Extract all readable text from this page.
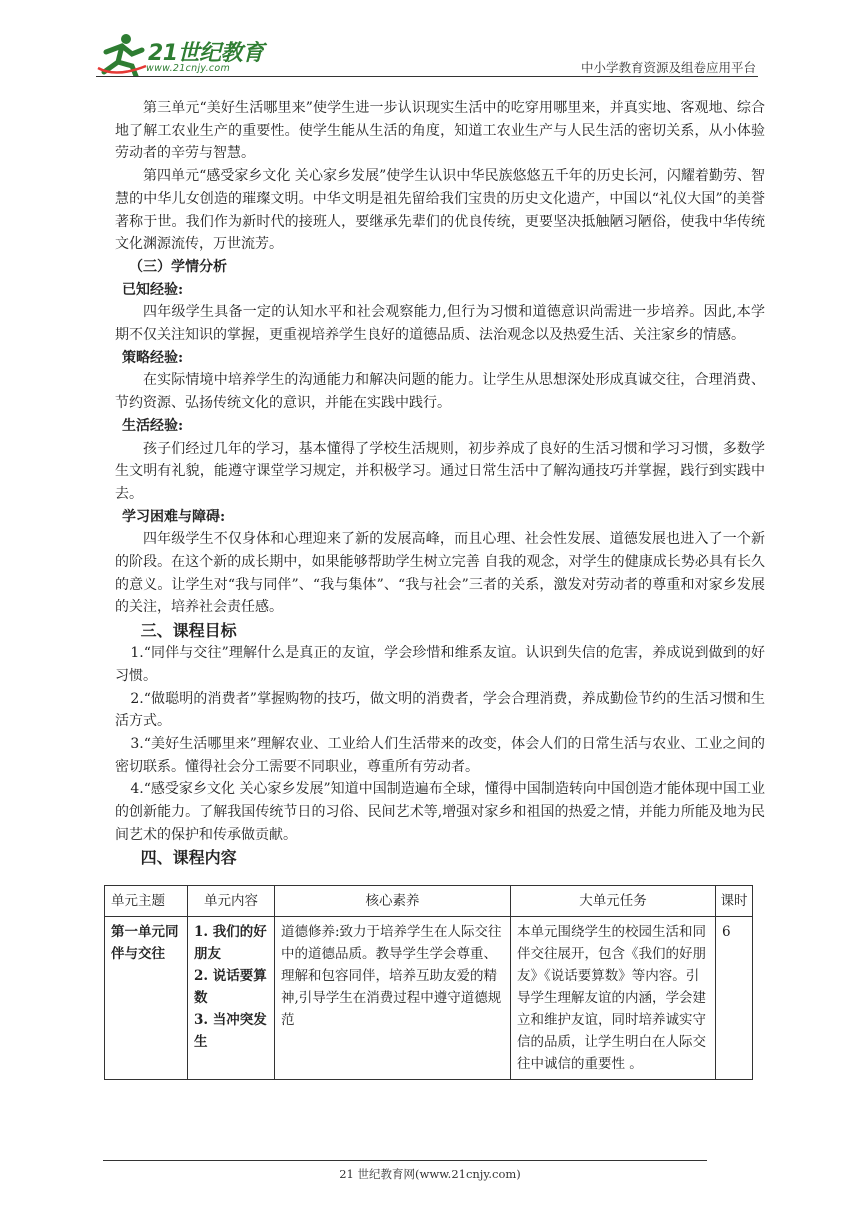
21世纪教育
www.21cnjy.com	中小学教育资源及组卷应用平台

第三单元“美好生活哪里来”使学生进一步认识现实生活中的吃穿用哪里来，并真实地、客观地、综合地了解工农业生产的重要性。使学生能从生活的角度，知道工农业生产与人民生活的密切关系，从小体验劳动者的辛劳与智慧。

第四单元“感受家乡文化 关心家乡发展”使学生认识中华民族悠悠五千年的历史长河，闪耀着勤劳、智慧的中华儿女创造的璀璨文明。中华文明是祖先留给我们宝贵的历史文化遗产，中国以“礼仪大国”的美誉著称于世。我们作为新时代的接班人，要继承先辈们的优良传统，更要坚决抵触陋习陋俗，使我中华传统文化渊源流传，万世流芳。

（三）学情分析

已知经验:

四年级学生具备一定的认知水平和社会观察能力,但行为习惯和道德意识尚需进一步培养。因此,本学期不仅关注知识的掌握，更重视培养学生良好的道德品质、法治观念以及热爱生活、关注家乡的情感。

策略经验:

在实际情境中培养学生的沟通能力和解决问题的能力。让学生从思想深处形成真诚交往，合理消费、节约资源、弘扬传统文化的意识，并能在实践中践行。

生活经验:

孩子们经过几年的学习，基本懂得了学校生活规则，初步养成了良好的生活习惯和学习习惯，多数学生文明有礼貌，能遵守课堂学习规定，并积极学习。通过日常生活中了解沟通技巧并掌握，践行到实践中去。

学习困难与障碍:

四年级学生不仅身体和心理迎来了新的发展高峰，而且心理、社会性发展、道德发展也进入了一个新的阶段。在这个新的成长期中，如果能够帮助学生树立完善 自我的观念，对学生的健康成长势必具有长久的意义。让学生对“我与同伴”、“我与集体”、“我与社会”三者的关系，激发对劳动者的尊重和对家乡发展的关注，培养社会责任感。

三、课程目标

1.“同伴与交往”理解什么是真正的友谊，学会珍惜和维系友谊。认识到失信的危害，养成说到做到的好习惯。

2.“做聪明的消费者”掌握购物的技巧，做文明的消费者，学会合理消费，养成勤俭节约的生活习惯和生活方式。

3.“美好生活哪里来”理解农业、工业给人们生活带来的改变，体会人们的日常生活与农业、工业之间的密切联系。懂得社会分工需要不同职业，尊重所有劳动者。

4.“感受家乡文化 关心家乡发展”知道中国制造遍布全球，懂得中国制造转向中国创造才能体现中国工业的创新能力。了解我国传统节日的习俗、民间艺术等,增强对家乡和祖国的热爱之情，并能力所能及地为民间艺术的保护和传承做贡献。

四、课程内容

单元主题	单元内容	核心素养	大单元任务	课时
第一单元同伴与交往	1. 我们的好朋友
2. 说话要算数
3. 当冲突发生	道德修养:致力于培养学生在人际交往中的道德品质。教导学生学会尊重、理解和包容同伴，培养互助友爱的精神,引导学生在消费过程中遵守道德规范	本单元围绕学生的校园生活和同伴交往展开，包含《我们的好朋友》《说话要算数》等内容。引导学生理解友谊的内涵，学会建立和维护友谊，同时培养诚实守信的品质，让学生明白在人际交往中诚信的重要性 。	6
21 世纪教育网(www.21cnjy.com)
